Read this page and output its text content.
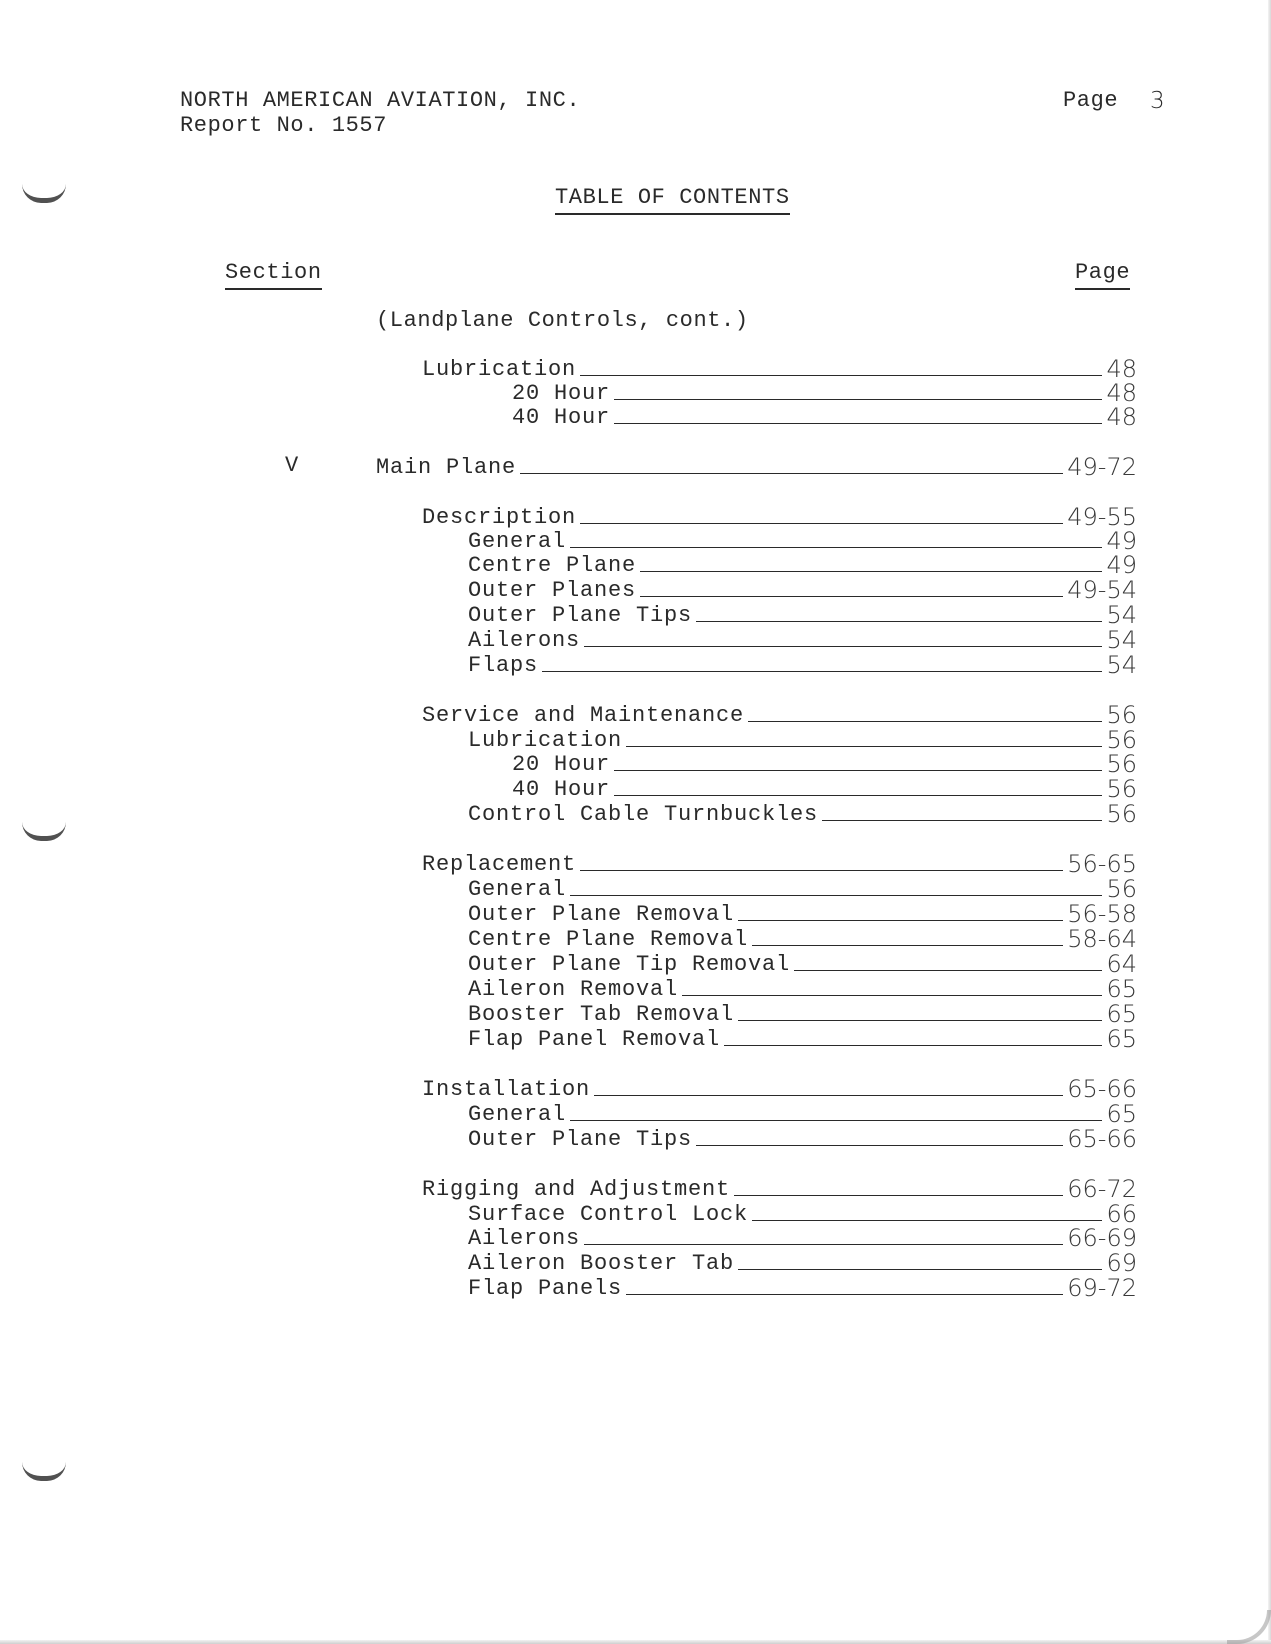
NORTH AMERICAN AVIATION, INC.
Report No. 1557
Page 3
TABLE OF CONTENTS
Section	Page
(Landplane Controls, cont.)
Lubrication	48
20 Hour	48
40 Hour	48
V	Main Plane	49-72
Description	49-55
General	49
Centre Plane	49
Outer Planes	49-54
Outer Plane Tips	54
Ailerons	54
Flaps	54
Service and Maintenance	56
Lubrication	56
20 Hour	56
40 Hour	56
Control Cable Turnbuckles	56
Replacement	56-65
General	56
Outer Plane Removal	56-58
Centre Plane Removal	58-64
Outer Plane Tip Removal	64
Aileron Removal	65
Booster Tab Removal	65
Flap Panel Removal	65
Installation	65-66
General	65
Outer Plane Tips	65-66
Rigging and Adjustment	66-72
Surface Control Lock	66
Ailerons	66-69
Aileron Booster Tab	69
Flap Panels	69-72
